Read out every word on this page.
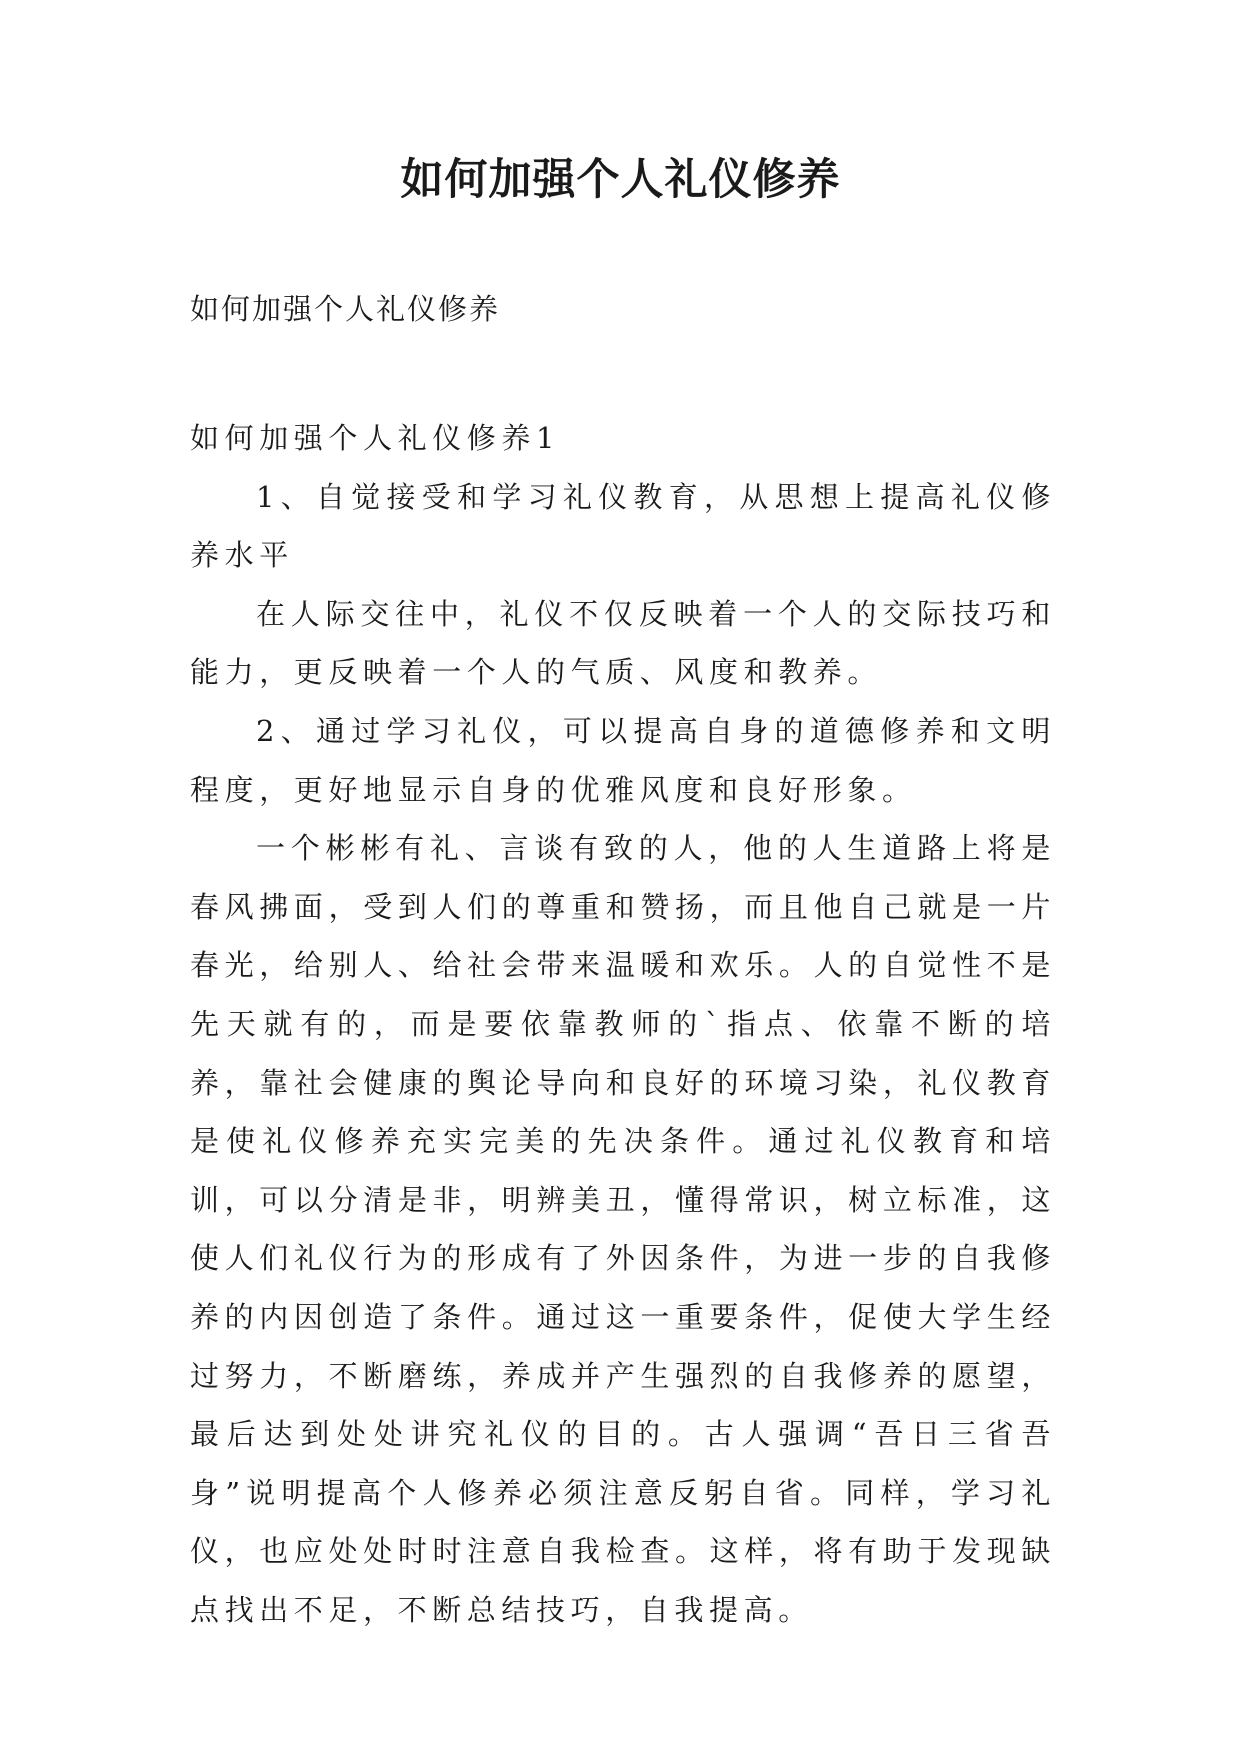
如何加强个人礼仪修养

如何加强个人礼仪修养

如何加强个人礼仪修养1

1、自觉接受和学习礼仪教育，从思想上提高礼仪修养水平

在人际交往中，礼仪不仅反映着一个人的交际技巧和能力，更反映着一个人的气质、风度和教养。

2、通过学习礼仪，可以提高自身的道德修养和文明程度，更好地显示自身的优雅风度和良好形象。

一个彬彬有礼、言谈有致的人，他的人生道路上将是春风拂面，受到人们的尊重和赞扬，而且他自己就是一片春光，给别人、给社会带来温暖和欢乐。人的自觉性不是先天就有的，而是要依靠教师的`指点、依靠不断的培养，靠社会健康的舆论导向和良好的环境习染，礼仪教育是使礼仪修养充实完美的先决条件。通过礼仪教育和培训，可以分清是非，明辨美丑，懂得常识，树立标准，这使人们礼仪行为的形成有了外因条件，为进一步的自我修养的内因创造了条件。通过这一重要条件，促使大学生经过努力，不断磨练，养成并产生强烈的自我修养的愿望，最后达到处处讲究礼仪的目的。古人强调“吾日三省吾身”说明提高个人修养必须注意反躬自省。同样，学习礼仪，也应处处时时注意自我检查。这样，将有助于发现缺点找出不足，不断总结技巧，自我提高。
